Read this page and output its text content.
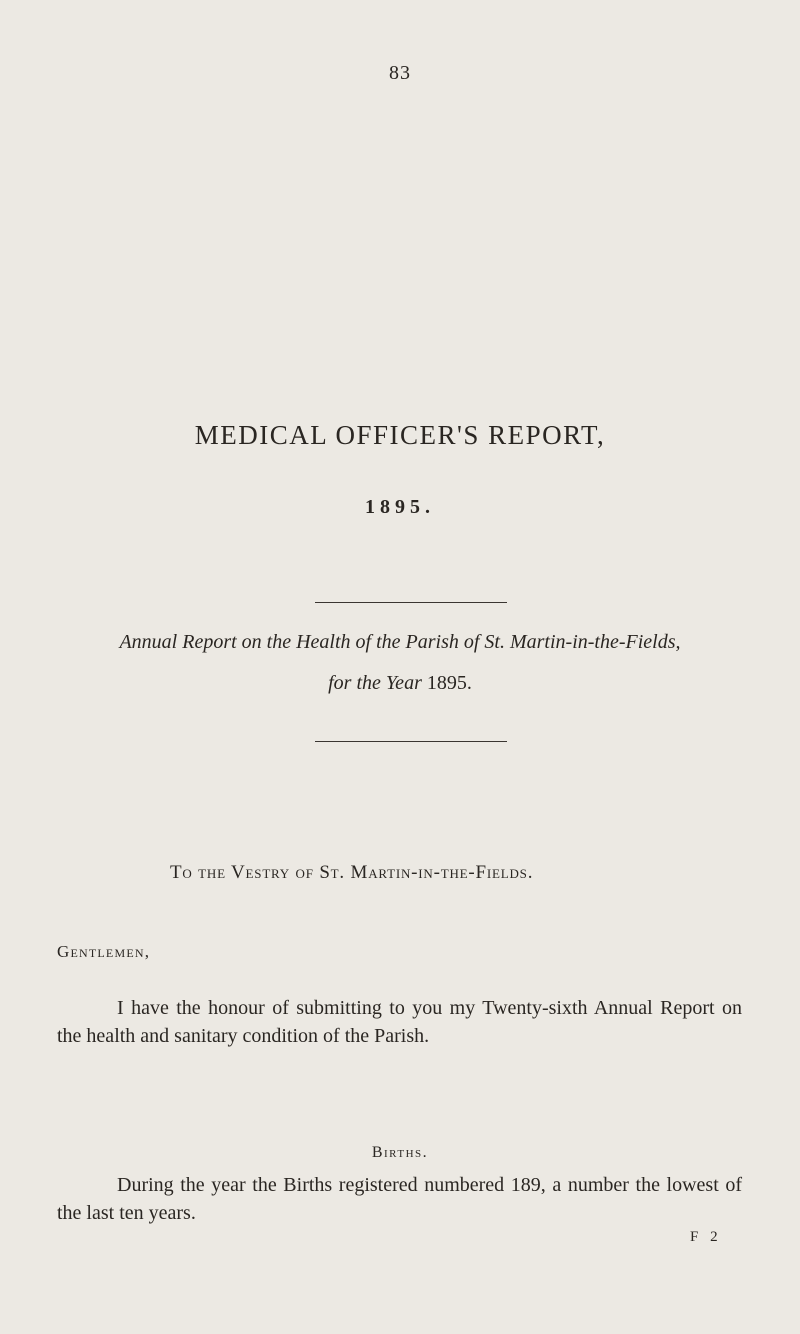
83
MEDICAL OFFICER'S REPORT,
1895.
Annual Report on the Health of the Parish of St. Martin-in-the-Fields,
for the Year 1895.
To the Vestry of St. Martin-in-the-Fields.
Gentlemen,
I have the honour of submitting to you my Twenty-sixth Annual Report on the health and sanitary condition of the Parish.
Births.
During the year the Births registered numbered 189, a number the lowest of the last ten years.
F 2
